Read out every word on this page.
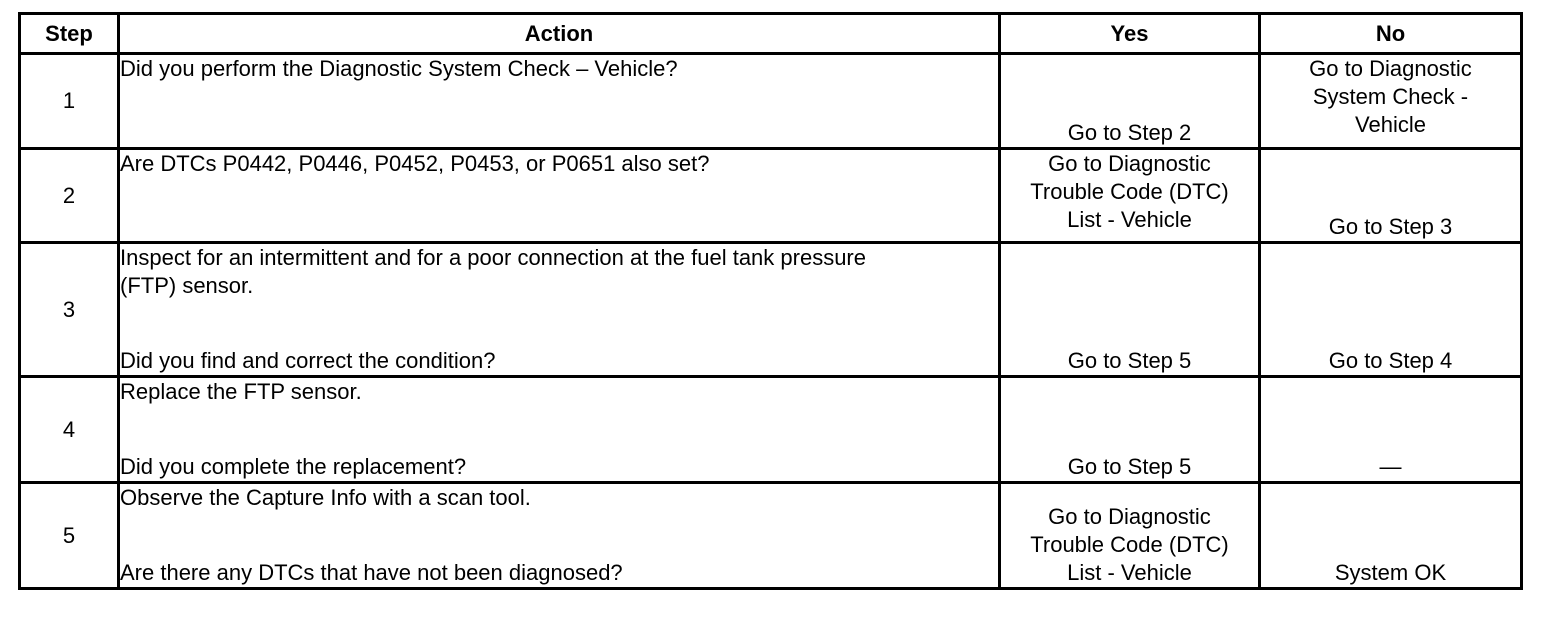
Step	Action	Yes	No
1	Did you perform the Diagnostic System Check – Vehicle?	Go to Step 2	Go to Diagnostic
System Check -
Vehicle

2	Are DTCs P0442, P0446, P0452, P0453, or P0651 also set?	Go to Diagnostic
Trouble Code (DTC)
List - Vehicle	Go to Step 3

3	Inspect for an intermittent and for a poor connection at the fuel tank pressure
(FTP) sensor.
Did you find and correct the condition?	Go to Step 5	Go to Step 4

4	Replace the FTP sensor.
Did you complete the replacement?	Go to Step 5	—

5	Observe the Capture Info with a scan tool.
Are there any DTCs that have not been diagnosed?	Go to Diagnostic
Trouble Code (DTC)
List - Vehicle	System OK
